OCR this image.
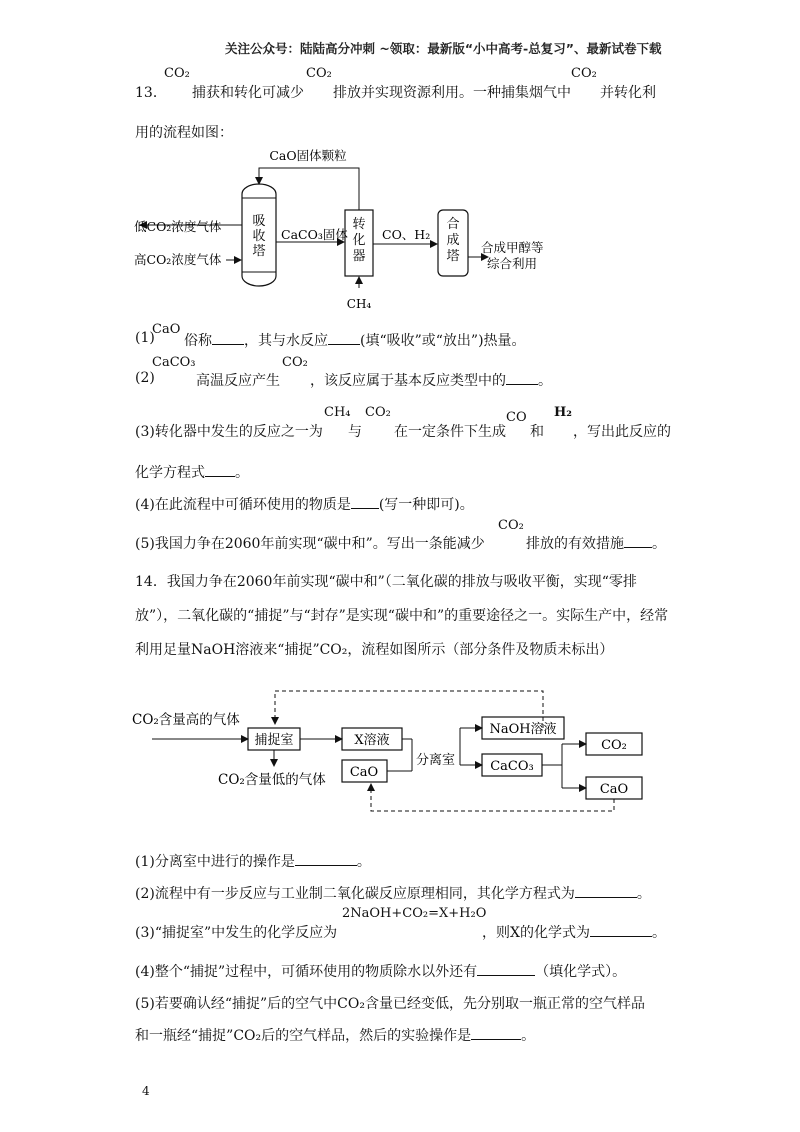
关注公众号：陆陆高分冲刺 ~领取：最新版“小中高考-总复习”、最新试卷下载
13．
CO₂
捕获和转化可减少
CO₂
排放并实现资源利用。一种捕集烟气中
CO₂
并转化利
用的流程如图：
吸
收
塔
转
化
器
合
成
塔
CaO固体颗粒
低CO₂浓度气体
高CO₂浓度气体
CaCO₃固体	CO、H₂
CH₄
合成甲醇等
综合利用
(1)
CaO
俗称 ，其与水反应 (填“吸收”或“放出”)热量。
(2)
CaCO₃
高温反应产生
CO₂
，该反应属于基本反应类型中的 。
(3)转化器中发生的反应之一为
CH₄
与
CO₂
在一定条件下生成
CO
和
H₂
，写出此反应的
化学方程式 。
(4)在此流程中可循环使用的物质是 (写一种即可)。
(5)我国力争在2060年前实现“碳中和”。写出一条能减少
CO₂
排放的有效措施 。
14．我国力争在2060年前实现“碳中和”（二氧化碳的排放与吸收平衡，实现“零排放”），二氧化碳的“捕捉”与“封存”是实现“碳中和”的重要途径之一。实际生产中，经常利用足量NaOH溶液来“捕捉”CO₂，流程如图所示（部分条件及物质未标出）
CO₂含量高的气体
捕捉室
CO₂含量低的气体
X溶液
CaO
分离室
NaOH溶液
CaCO₃
CO₂
CaO
(1)分离室中进行的操作是	。
(2)流程中有一步反应与工业制二氧化碳反应原理相同，其化学方程式为	。
(3)“捕捉室”中发生的化学反应为
2NaOH+CO₂=X+H₂O
，则X的化学式为	。
(4)整个“捕捉”过程中，可循环使用的物质除水以外还有	（填化学式）。
(5)若要确认经“捕捉”后的空气中CO₂含量已经变低，先分别取一瓶正常的空气样品
和一瓶经“捕捉”CO₂后的空气样品，然后的实验操作是	。
4
